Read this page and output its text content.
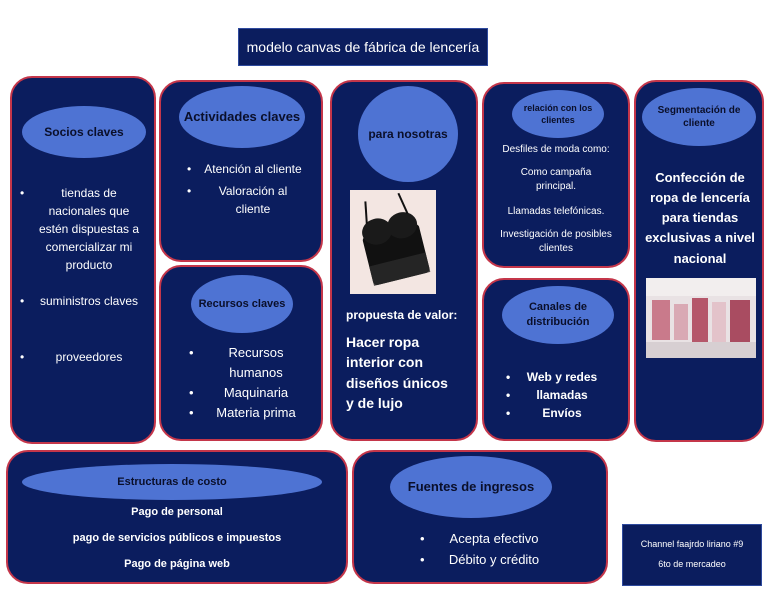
modelo canvas de fábrica de lencería
Socios claves
• tiendas de nacionales que estén dispuestas a comercializar mi producto
• suministros claves
• proveedores
Actividades claves
• Atención al cliente
• Valoración al cliente
Recursos claves
• Recursos humanos
• Maquinaria
• Materia prima
para nosotras
propuesta de valor:
Hacer ropa interior con diseños únicos y de lujo
relación con los clientes
Desfiles de moda como:
Como campaña principal.
Llamadas telefónicas.
Investigación de posibles clientes
Canales de distribución
• Web y redes
• llamadas
• Envíos
Segmentación de cliente
Confección de ropa de lencería para tiendas exclusivas a nivel nacional
Estructuras de costo
Pago de personal
pago de servicios públicos e impuestos
Pago de página web
Fuentes de ingresos
• Acepta efectivo
• Débito y crédito
Channel faajrdo liriano #9
6to de mercadeo
